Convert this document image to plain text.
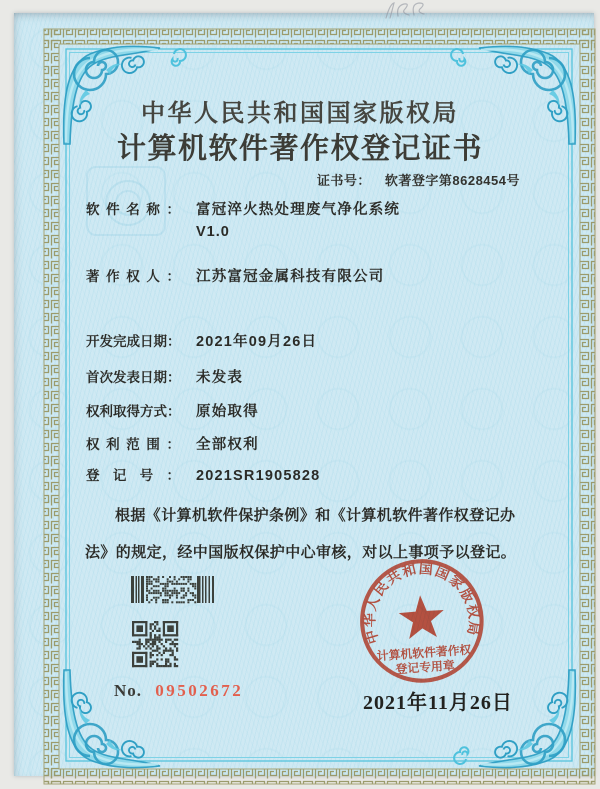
中华人民共和国国家版权局
计算机软件著作权登记证书
证书号： 软著登字第8628454号
软件名称： 富冠淬火热处理废气净化系统
V1.0
著作权人： 江苏富冠金属科技有限公司
开发完成日期： 2021年09月26日
首次发表日期： 未发表
权利取得方式： 原始取得
权利范围： 全部权利
登记号： 2021SR1905828
根据《计算机软件保护条例》和《计算机软件著作权登记办法》的规定，经中国版权保护中心审核，对以上事项予以登记。
No. 09502672
中华人民共和国国家版权局
计算机软件著作权
登记专用章
2021年11月26日
